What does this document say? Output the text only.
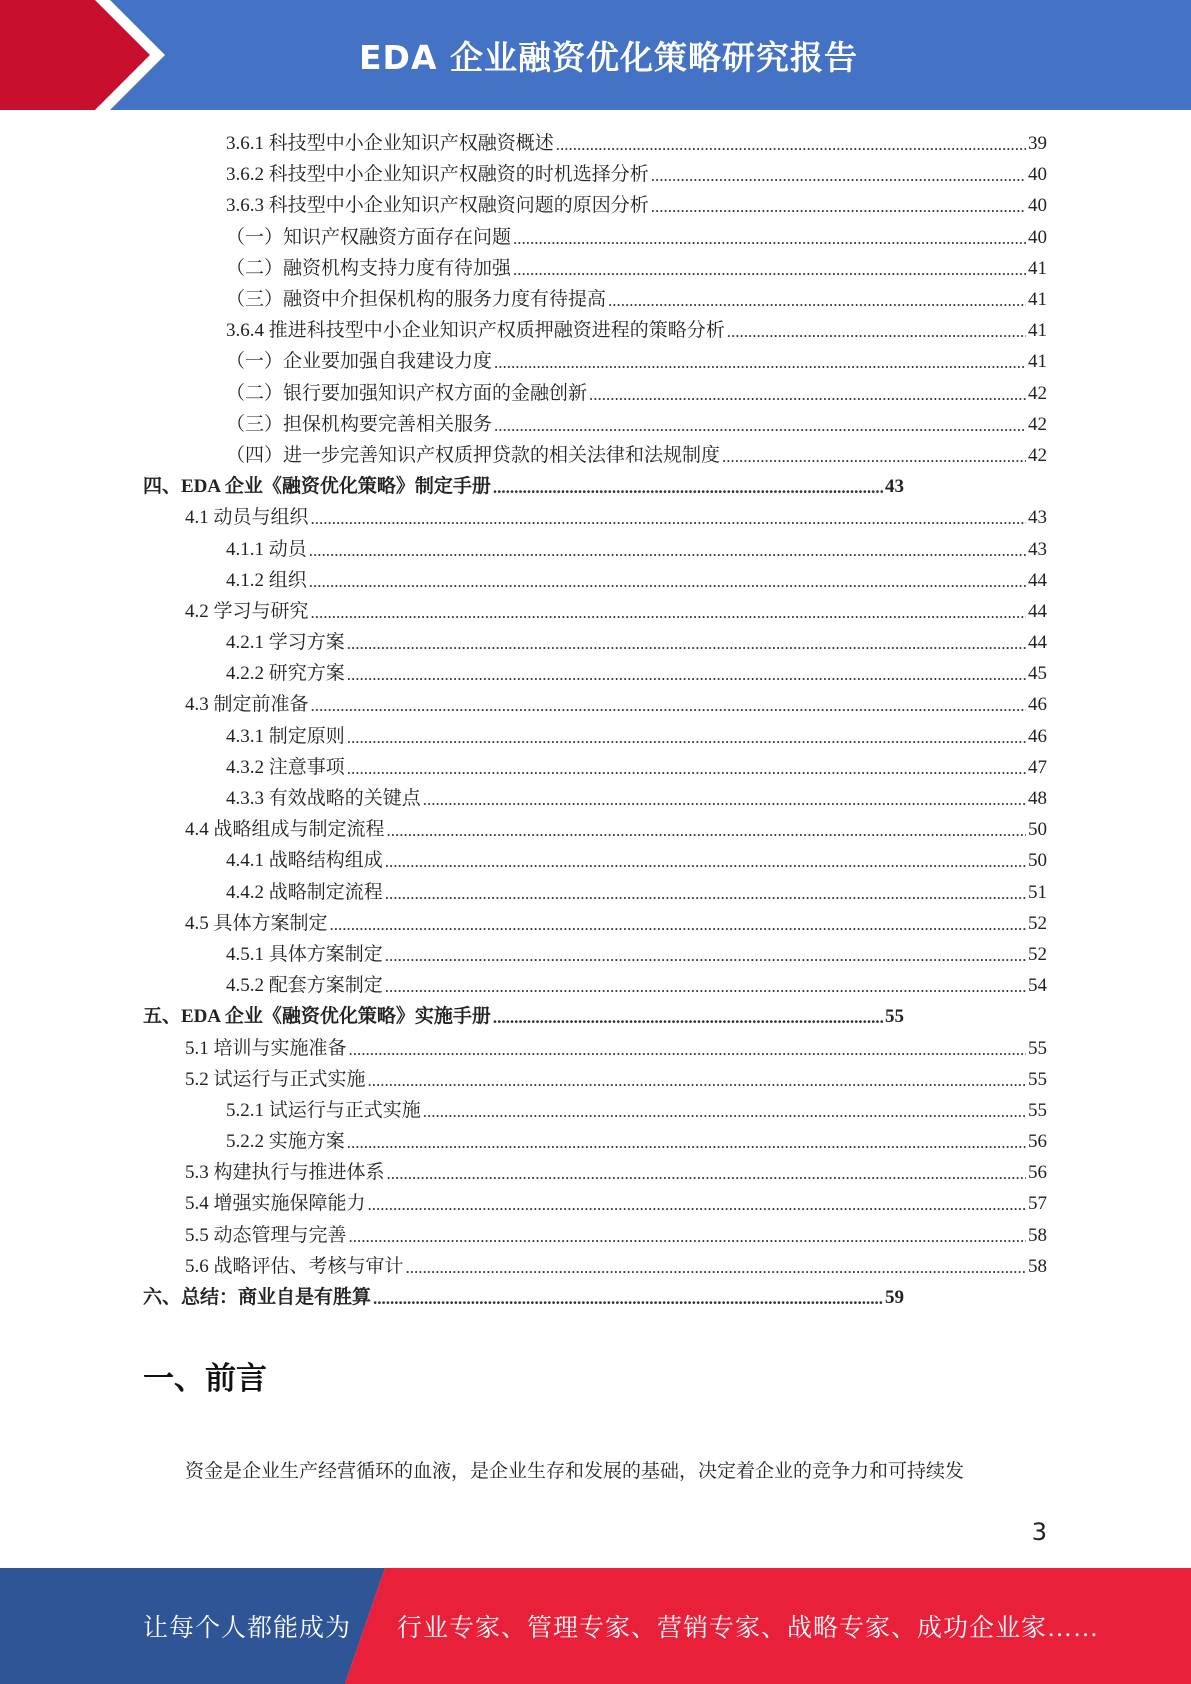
EDA 企业融资优化策略研究报告
3.6.1 科技型中小企业知识产权融资概述 .....	39
3.6.2 科技型中小企业知识产权融资的时机选择分析 .....	40
3.6.3 科技型中小企业知识产权融资问题的原因分析 .....	40
（一）知识产权融资方面存在问题 .....	40
（二）融资机构支持力度有待加强 .....	41
（三）融资中介担保机构的服务力度有待提高 .....	41
3.6.4 推进科技型中小企业知识产权质押融资进程的策略分析 .....	41
（一）企业要加强自我建设力度 .....	41
（二）银行要加强知识产权方面的金融创新 .....	42
（三）担保机构要完善相关服务 .....	42
（四）进一步完善知识产权质押贷款的相关法律和法规制度 .....	42
四、EDA 企业《融资优化策略》制定手册 .....	43
4.1 动员与组织 .....	43
4.1.1 动员 .....	43
4.1.2 组织 .....	44
4.2 学习与研究 .....	44
4.2.1 学习方案 .....	44
4.2.2 研究方案 .....	45
4.3 制定前准备 .....	46
4.3.1 制定原则 .....	46
4.3.2 注意事项 .....	47
4.3.3 有效战略的关键点 .....	48
4.4 战略组成与制定流程 .....	50
4.4.1 战略结构组成 .....	50
4.4.2 战略制定流程 .....	51
4.5 具体方案制定 .....	52
4.5.1 具体方案制定 .....	52
4.5.2 配套方案制定 .....	54
五、EDA 企业《融资优化策略》实施手册 .....	55
5.1 培训与实施准备 .....	55
5.2 试运行与正式实施 .....	55
5.2.1 试运行与正式实施 .....	55
5.2.2 实施方案 .....	56
5.3 构建执行与推进体系 .....	56
5.4 增强实施保障能力 .....	57
5.5 动态管理与完善 .....	58
5.6 战略评估、考核与审计 .....	58
六、总结：商业自是有胜算 .....	59
一、前言
资金是企业生产经营循环的血液，是企业生存和发展的基础，决定着企业的竞争力和可持续发
3
让每个人都能成为 行业专家、管理专家、营销专家、战略专家、成功企业家……
